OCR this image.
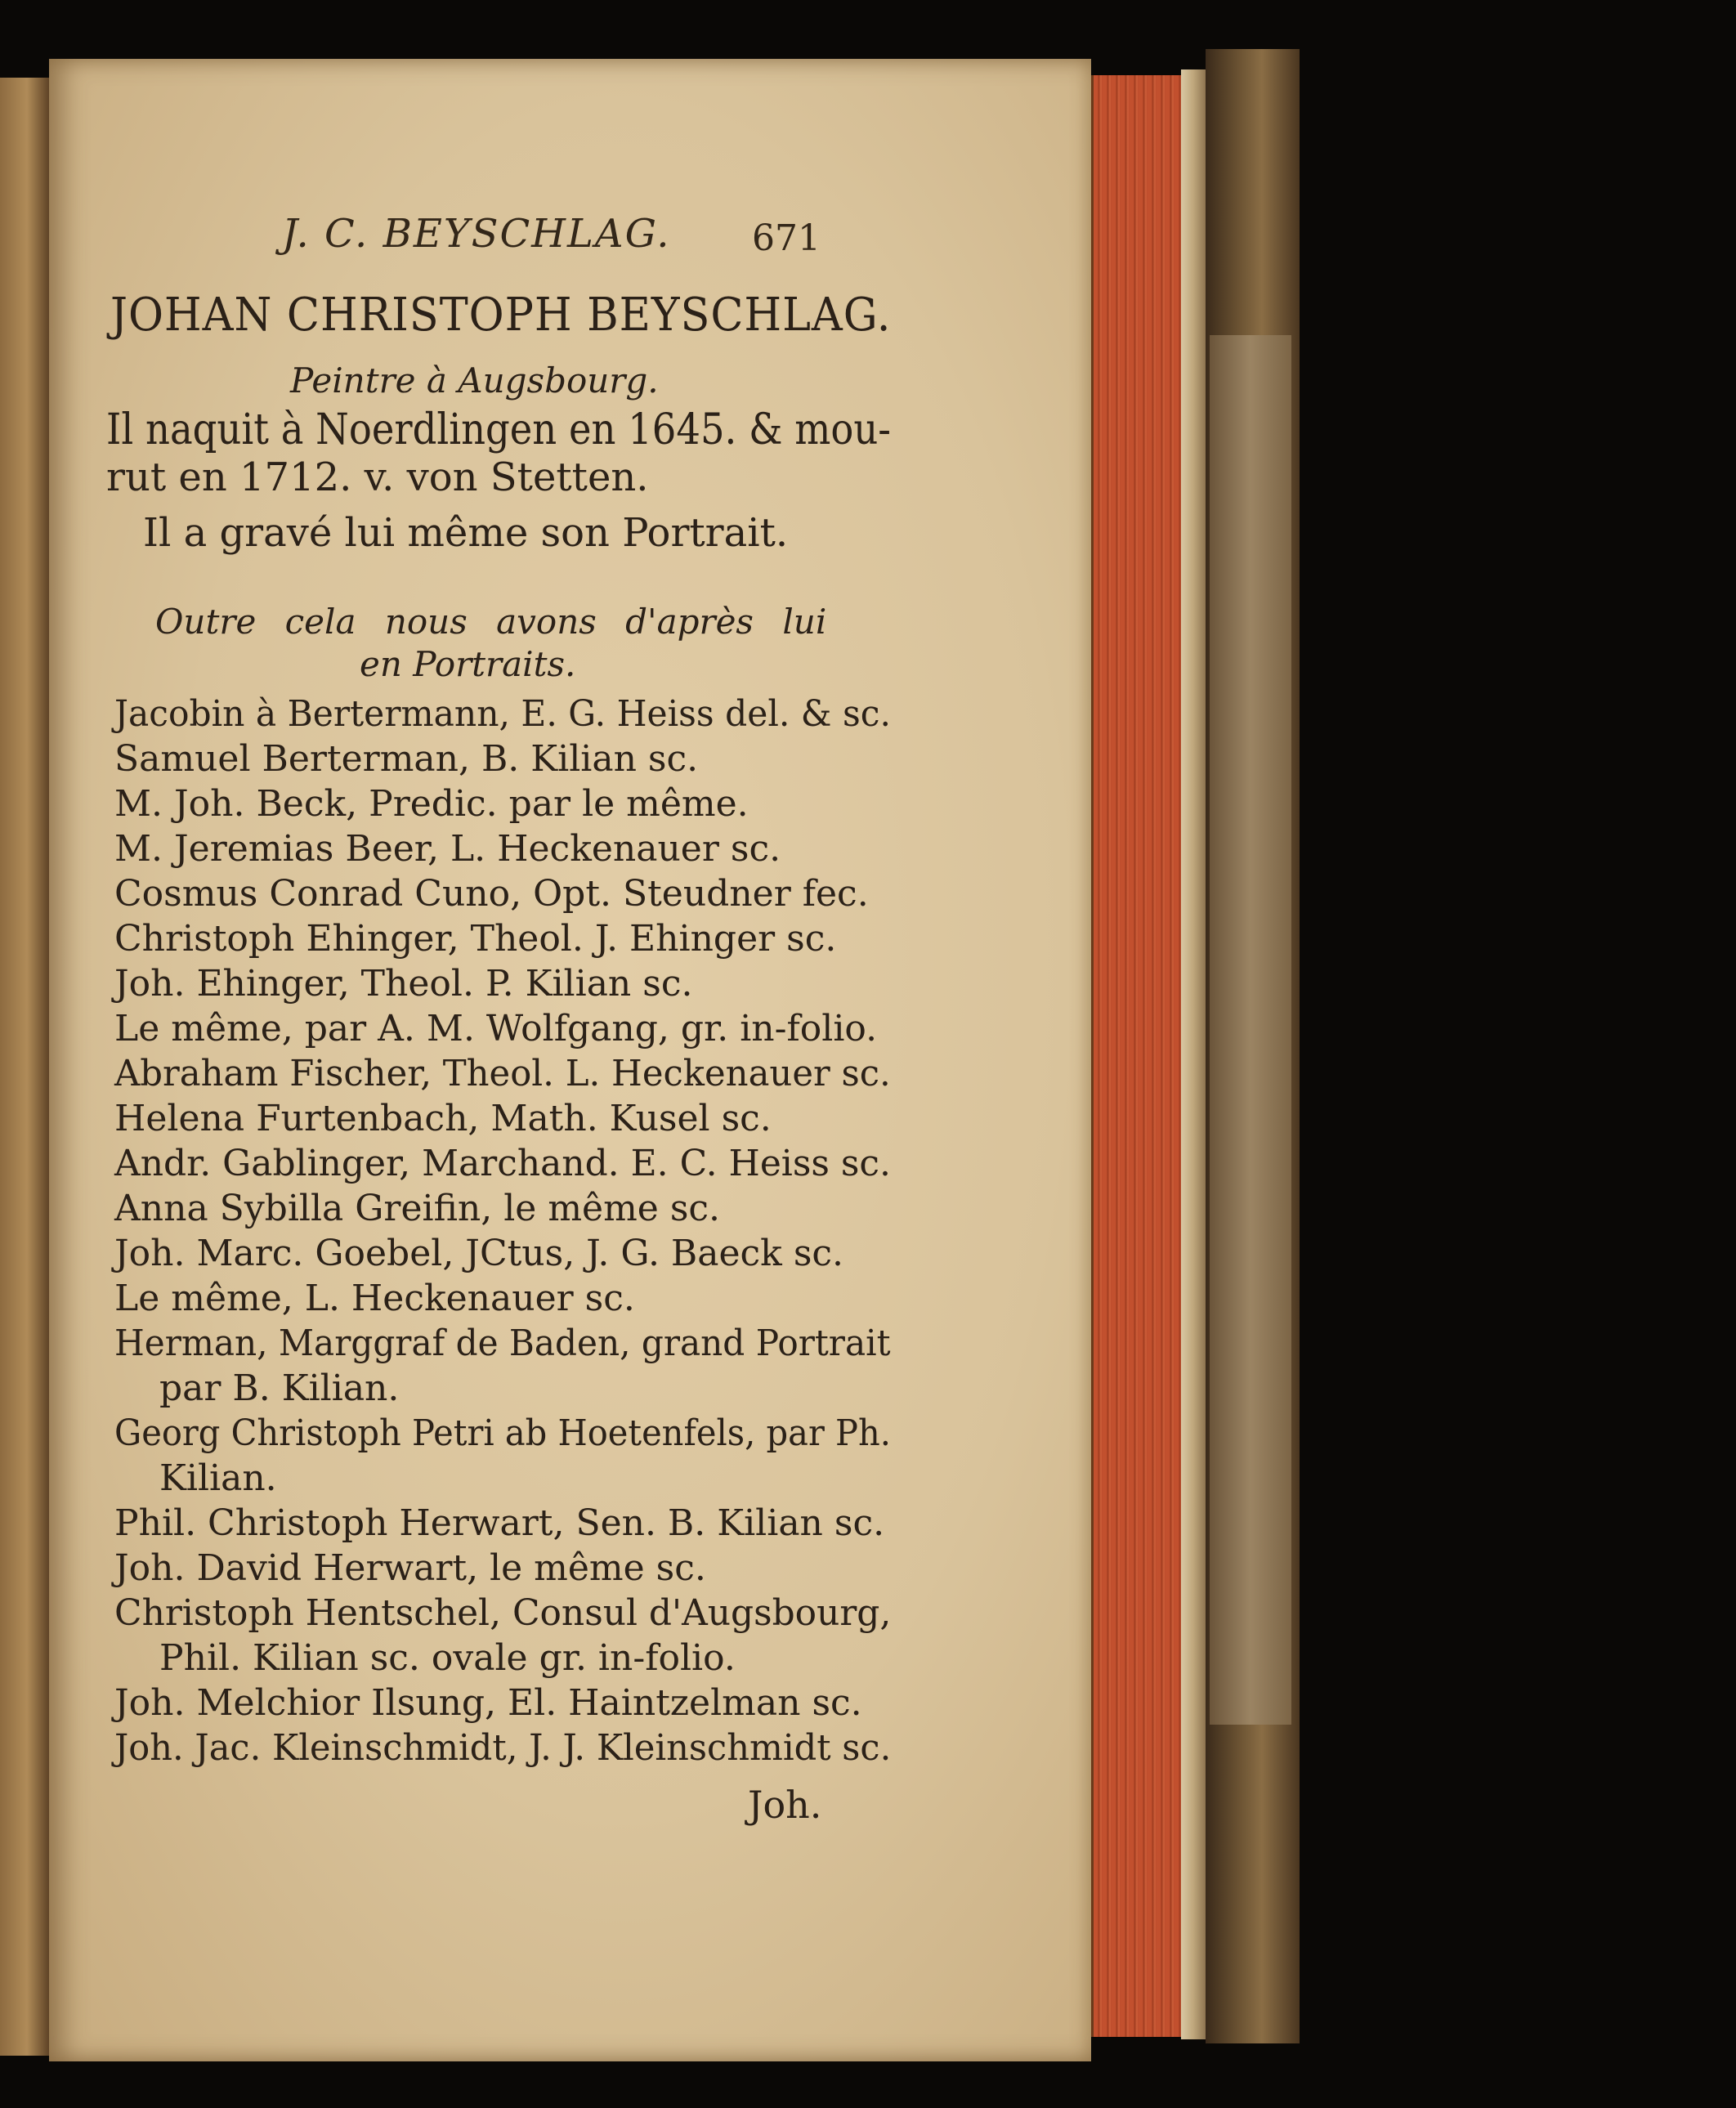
J. C. BEYSCHLAG. 671
JOHAN CHRISTOPH BEYSCHLAG.
Peintre à Augsbourg.
Il naquit à Noerdlingen en 1645. & mou-
rut en 1712. v. von Stetten.
Il a gravé lui même son Portrait.
Outre cela nous avons d'après lui
en Portraits.
Jacobin à Bertermann, E. G. Heiss del. & sc.
Samuel Berterman, B. Kilian sc.
M. Joh. Beck, Predic. par le même.
M. Jeremias Beer, L. Heckenauer sc.
Cosmus Conrad Cuno, Opt. Steudner fec.
Christoph Ehinger, Theol. J. Ehinger sc.
Joh. Ehinger, Theol. P. Kilian sc.
Le même, par A. M. Wolfgang, gr. in-folio.
Abraham Fischer, Theol. L. Heckenauer sc.
Helena Furtenbach, Math. Kusel sc.
Andr. Gablinger, Marchand. E. C. Heiss sc.
Anna Sybilla Greifin, le même sc.
Joh. Marc. Goebel, JCtus, J. G. Baeck sc.
Le même, L. Heckenauer sc.
Herman, Marggraf de Baden, grand Portrait
par B. Kilian.
Georg Christoph Petri ab Hoetenfels, par Ph.
Kilian.
Phil. Christoph Herwart, Sen. B. Kilian sc.
Joh. David Herwart, le même sc.
Christoph Hentschel, Consul d'Augsbourg,
Phil. Kilian sc. ovale gr. in-folio.
Joh. Melchior Ilsung, El. Haintzelman sc.
Joh. Jac. Kleinschmidt, J. J. Kleinschmidt sc.
Joh.
